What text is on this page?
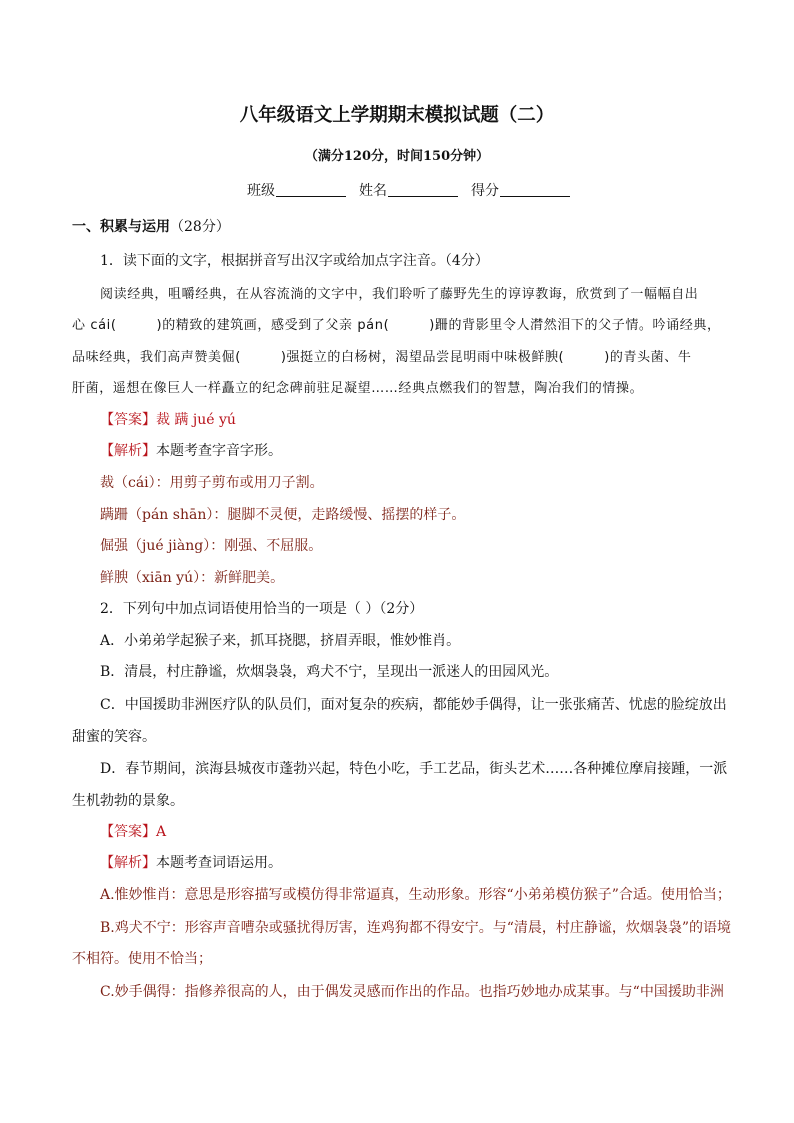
八年级语文上学期期末模拟试题（二）
（满分120分，时间150分钟）
班级	姓名	得分
一、积累与运用（28分）
1．读下面的文字，根据拼音写出汉字或给加点字注音。（4分）
阅读经典，咀嚼经典，在从容流淌的文字中，我们聆听了藤野先生的谆谆教诲，欣赏到了一幅幅自出
心 cái(	)的精致的建筑画，感受到了父亲 pán(	)跚的背影里令人潸然泪下的父子情。吟诵经典，
品味经典，我们高声赞美倔(	)强挺立的白杨树，渴望品尝昆明雨中味极鲜腴(	)的青头菌、牛
肝菌，遥想在像巨人一样矗立的纪念碑前驻足凝望……经典点燃我们的智慧，陶冶我们的情操。
【答案】裁 蹒 jué yú
【解析】本题考查字音字形。
裁（cái）：用剪子剪布或用刀子割。
蹒跚（pán shān）：腿脚不灵便，走路缓慢、摇摆的样子。
倔强（jué jiàng）：刚强、不屈服。
鲜腴（xiān yú）：新鲜肥美。
2．下列句中加点词语使用恰当的一项是（ ）（2分）
A．小弟弟学起猴子来，抓耳挠腮，挤眉弄眼，惟妙惟肖。
B．清晨，村庄静谧，炊烟袅袅，鸡犬不宁，呈现出一派迷人的田园风光。
C．中国援助非洲医疗队的队员们，面对复杂的疾病，都能妙手偶得，让一张张痛苦、忧虑的脸绽放出
甜蜜的笑容。
D．春节期间，滨海县城夜市蓬勃兴起，特色小吃，手工艺品，街头艺术……各种摊位摩肩接踵，一派
生机勃勃的景象。
【答案】A
【解析】本题考查词语运用。
A.惟妙惟肖：意思是形容描写或模仿得非常逼真，生动形象。形容“小弟弟模仿猴子”合适。使用恰当；
B.鸡犬不宁：形容声音嘈杂或骚扰得厉害，连鸡狗都不得安宁。与“清晨，村庄静谧，炊烟袅袅”的语境
不相符。使用不恰当；
C.妙手偶得：指修养很高的人，由于偶发灵感而作出的作品。也指巧妙地办成某事。与“中国援助非洲
